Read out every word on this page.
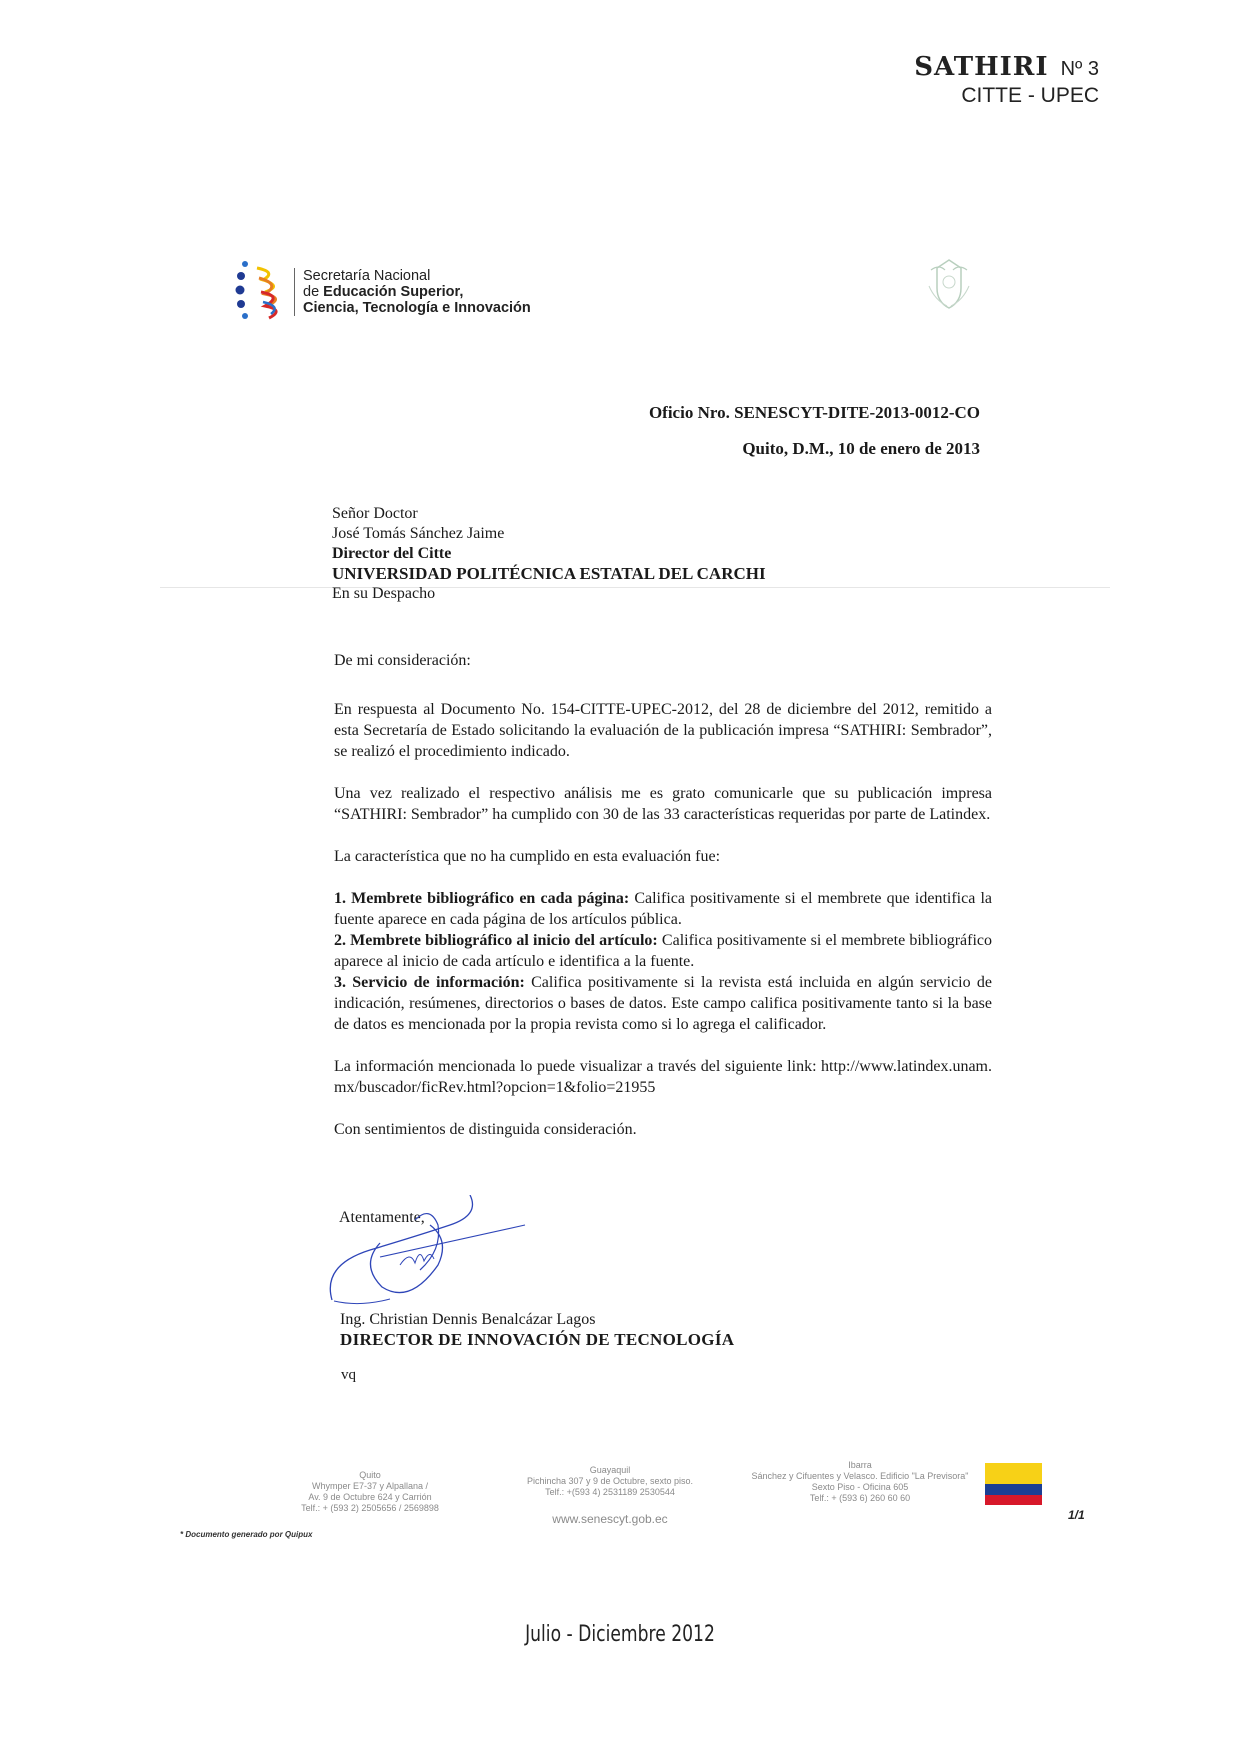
SATHIRI Nº 3
CITTE - UPEC
Secretaría Nacional
de Educación Superior,
Ciencia, Tecnología e Innovación
Oficio Nro. SENESCYT-DITE-2013-0012-CO
Quito, D.M., 10 de enero de 2013
Señor Doctor
José Tomás Sánchez Jaime
Director del Citte
UNIVERSIDAD POLITÉCNICA ESTATAL DEL CARCHI
En su Despacho

De mi consideración:

En respuesta al Documento No. 154-CITTE-UPEC-2012, del 28 de diciembre del 2012, remitido a esta Secretaría de Estado solicitando la evaluación de la publicación impresa “SATHIRI: Sembrador”, se realizó el procedimiento indicado.

Una vez realizado el respectivo análisis me es grato comunicarle que su publicación impresa “SATHIRI: Sembrador” ha cumplido con 30 de las 33 características requeridas por parte de Latindex.

La característica que no ha cumplido en esta evaluación fue:

1. Membrete bibliográfico en cada página: Califica positivamente si el membrete que identifica la fuente aparece en cada página de los artículos pública.
2. Membrete bibliográfico al inicio del artículo: Califica positivamente si el membrete bibliográfico aparece al inicio de cada artículo e identifica a la fuente.
3. Servicio de información: Califica positivamente si la revista está incluida en algún servicio de indicación, resúmenes, directorios o bases de datos. Este campo califica positivamente tanto si la base de datos es mencionada por la propia revista como si lo agrega el calificador.

La información mencionada lo puede visualizar a través del siguiente link: http://www.latindex.unam.mx/buscador/ficRev.html?opcion=1&folio=21955

Con sentimientos de distinguida consideración.

Atentamente,
Ing. Christian Dennis Benalcázar Lagos
DIRECTOR DE INNOVACIÓN DE TECNOLOGÍA
vq
Quito
Whymper E7-37 y Alpallana /
Av. 9 de Octubre 624 y Carrión
Telf.: + (593 2) 2505656 / 2569898
Guayaquil
Pichincha 307 y 9 de Octubre, sexto piso.
Telf.: +(593 4) 2531189 2530544
Ibarra
Sánchez y Cifuentes y Velasco. Edificio "La Previsora"
Sexto Piso - Oficina 605
Telf.: + (593 6) 260 60 60
www.senescyt.gob.ec	1/1
* Documento generado por Quipux
Julio - Diciembre 2012
